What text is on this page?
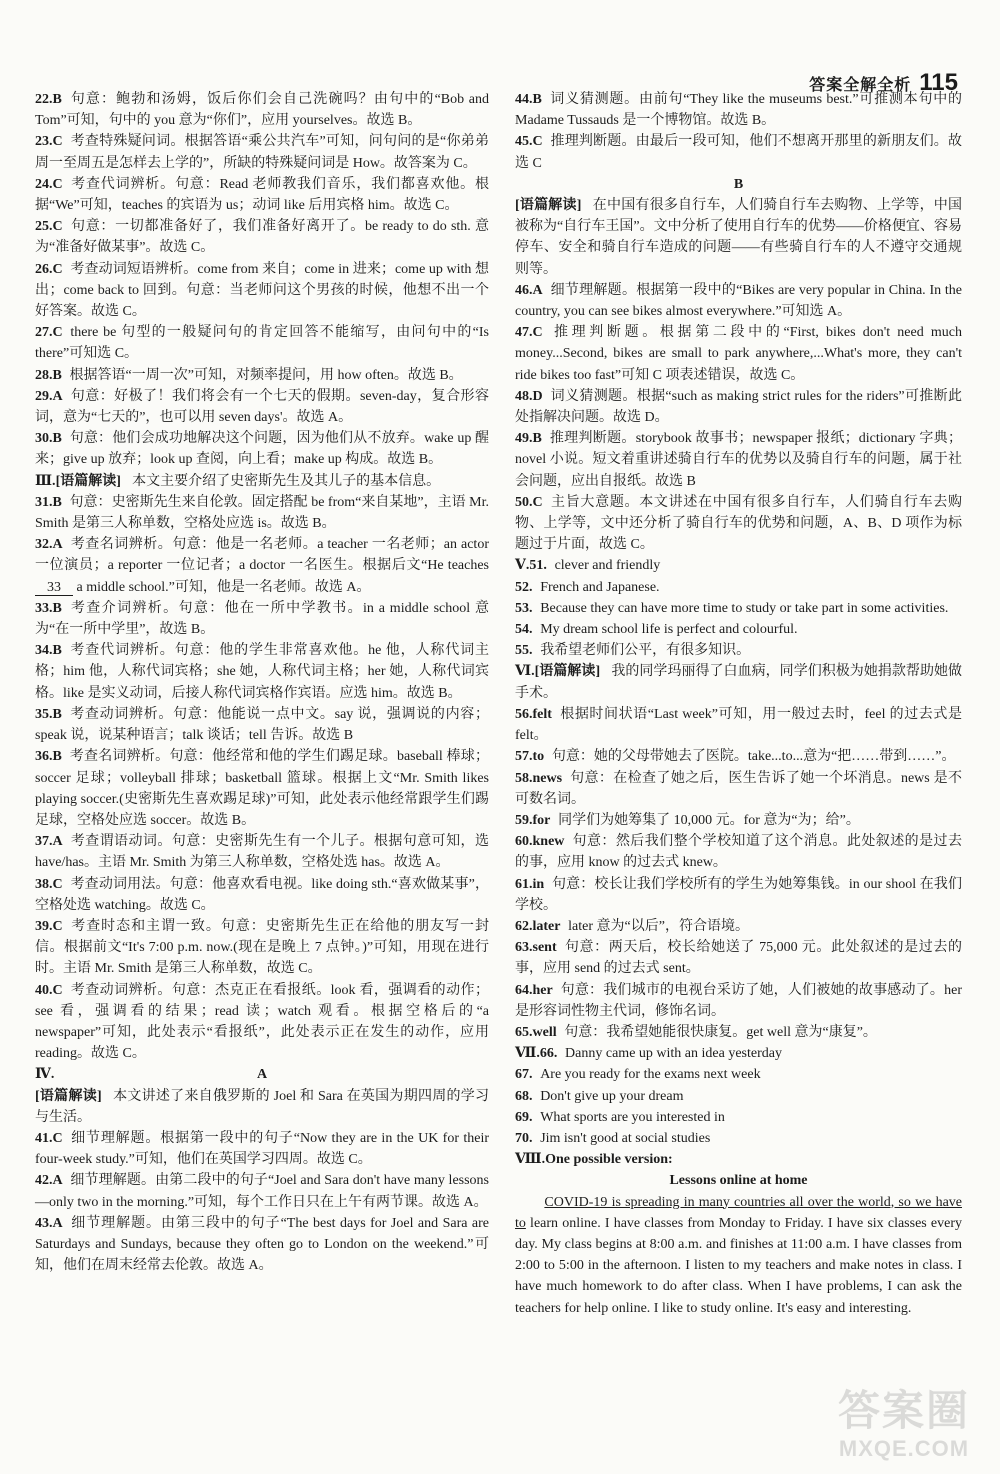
答案全解全析 115
22.B 句意：鲍勃和汤姆，饭后你们会自己洗碗吗？由句中的“Bob and Tom”可知，句中的 you 意为“你们”，应用 yourselves。故选 B。
23.C 考查特殊疑问词。根据答语“乘公共汽车”可知，问句问的是“你弟弟周一至周五是怎样去上学的”，所缺的特殊疑问词是 How。故答案为 C。
24.C 考查代词辨析。句意：Read 老师教我们音乐，我们都喜欢他。根据“We”可知，teaches 的宾语为 us；动词 like 后用宾格 him。故选 C。
25.C 句意：一切都准备好了，我们准备好离开了。be ready to do sth. 意为“准备好做某事”。故选 C。
26.C 考查动词短语辨析。come from 来自；come in 进来；come up with 想出；come back to 回到。句意：当老师问这个男孩的时候，他想不出一个好答案。故选 C。
27.C there be 句型的一般疑问句的肯定回答不能缩写，由问句中的“Is there”可知选 C。
28.B 根据答语“一周一次”可知，对频率提问，用 how often。故选 B。
29.A 句意：好极了！我们将会有一个七天的假期。seven-day，复合形容词，意为“七天的”，也可以用 seven days'。故选 A。
30.B 句意：他们会成功地解决这个问题，因为他们从不放弃。wake up 醒来；give up 放弃；look up 查阅，向上看；make up 构成。故选 B。
Ⅲ.[语篇解读] 本文主要介绍了史密斯先生及其儿子的基本信息。
31.B 句意：史密斯先生来自伦敦。固定搭配 be from“来自某地”，主语 Mr. Smith 是第三人称单数，空格处应选 is。故选 B。
32.A 考查名词辨析。句意：他是一名老师。a teacher 一名老师；an actor 一位演员；a reporter 一位记者；a doctor 一名医生。根据后文“He teaches 33 a middle school.”可知，他是一名老师。故选 A。
33.B 考查介词辨析。句意：他在一所中学教书。in a middle school 意为“在一所中学里”，故选 B。
34.B 考查代词辨析。句意：他的学生非常喜欢他。he 他，人称代词主格；him 他，人称代词宾格；she 她，人称代词主格；her 她，人称代词宾格。like 是实义动词，后接人称代词宾格作宾语。应选 him。故选 B。
35.B 考查动词辨析。句意：他能说一点中文。say 说，强调说的内容；speak 说，说某种语言；talk 谈话；tell 告诉。故选 B
36.B 考查名词辨析。句意：他经常和他的学生们踢足球。baseball 棒球；soccer 足球；volleyball 排球；basketball 篮球。根据上文“Mr. Smith likes playing soccer.(史密斯先生喜欢踢足球)”可知，此处表示他经常跟学生们踢足球，空格处应选 soccer。故选 B。
37.A 考查谓语动词。句意：史密斯先生有一个儿子。根据句意可知，选 have/has。主语 Mr. Smith 为第三人称单数，空格处选 has。故选 A。
38.C 考查动词用法。句意：他喜欢看电视。like doing sth.“喜欢做某事”，空格处选 watching。故选 C。
39.C 考查时态和主谓一致。句意：史密斯先生正在给他的朋友写一封信。根据前文“It's 7:00 p.m. now.(现在是晚上 7 点钟。)”可知，用现在进行时。主语 Mr. Smith 是第三人称单数，故选 C。
40.C 考查动词辨析。句意：杰克正在看报纸。look 看，强调看的动作；see 看，强调看的结果；read 读；watch 观看。根据空格后的“a newspaper”可知，此处表示“看报纸”，此处表示正在发生的动作，应用 reading。故选 C。
Ⅳ.	A
[语篇解读] 本文讲述了来自俄罗斯的 Joel 和 Sara 在英国为期四周的学习与生活。
41.C 细节理解题。根据第一段中的句子“Now they are in the UK for their four-week study.”可知，他们在英国学习四周。故选 C。
42.A 细节理解题。由第二段中的句子“Joel and Sara don't have many lessons—only two in the morning.”可知，每个工作日只在上午有两节课。故选 A。
43.A 细节理解题。由第三段中的句子“The best days for Joel and Sara are Saturdays and Sundays, because they often go to London on the weekend.”可知，他们在周末经常去伦敦。故选 A。
44.B 词义猜测题。由前句“They like the museums best.”可推测本句中的 Madame Tussauds 是一个博物馆。故选 B。
45.C 推理判断题。由最后一段可知，他们不想离开那里的新朋友们。故选 C
B
[语篇解读] 在中国有很多自行车，人们骑自行车去购物、上学等，中国被称为“自行车王国”。文中分析了使用自行车的优势——价格便宜、容易停车、安全和骑自行车造成的问题——有些骑自行车的人不遵守交通规则等。
46.A 细节理解题。根据第一段中的“Bikes are very popular in China. In the country, you can see bikes almost everywhere.”可知选 A。
47.C 推理判断题。根据第二段中的“First, bikes don't need much money...Second, bikes are small to park anywhere,...What's more, they can't ride bikes too fast”可知 C 项表述错误，故选 C。
48.D 词义猜测题。根据“such as making strict rules for the riders”可推断此处指解决问题。故选 D。
49.B 推理判断题。storybook 故事书；newspaper 报纸；dictionary 字典；novel 小说。短文着重讲述骑自行车的优势以及骑自行车的问题，属于社会问题，应出自报纸。故选 B
50.C 主旨大意题。本文讲述在中国有很多自行车，人们骑自行车去购物、上学等，文中还分析了骑自行车的优势和问题，A、B、D 项作为标题过于片面，故选 C。
Ⅴ.51. clever and friendly
52. French and Japanese.
53. Because they can have more time to study or take part in some activities.
54. My dream school life is perfect and colourful.
55. 我希望老师们公平，有很多知识。
Ⅵ.[语篇解读] 我的同学玛丽得了白血病，同学们积极为她捐款帮助她做手术。
56.felt 根据时间状语“Last week”可知，用一般过去时，feel 的过去式是 felt。
57.to 句意：她的父母带她去了医院。take...to...意为“把……带到……”。
58.news 句意：在检查了她之后，医生告诉了她一个坏消息。news 是不可数名词。
59.for 同学们为她筹集了 10,000 元。for 意为“为；给”。
60.knew 句意：然后我们整个学校知道了这个消息。此处叙述的是过去的事，应用 know 的过去式 knew。
61.in 句意：校长让我们学校所有的学生为她筹集钱。in our shool 在我们学校。
62.later later 意为“以后”，符合语境。
63.sent 句意：两天后，校长给她送了 75,000 元。此处叙述的是过去的事，应用 send 的过去式 sent。
64.her 句意：我们城市的电视台采访了她，人们被她的故事感动了。her 是形容词性物主代词，修饰名词。
65.well 句意：我希望她能很快康复。get well 意为“康复”。
Ⅶ.66. Danny came up with an idea yesterday
67. Are you ready for the exams next week
68. Don't give up your dream
69. What sports are you interested in
70. Jim isn't good at social studies
Ⅷ.One possible version:
Lessons online at home
COVID-19 is spreading in many countries all over the world, so we have to learn online. I have classes from Monday to Friday. I have six classes every day. My class begins at 8:00 a.m. and finishes at 11:00 a.m. I have classes from 2:00 to 5:00 in the afternoon. I listen to my teachers and make notes in class. I have much homework to do after class. When I have problems, I can ask the teachers for help online. I like to study online. It's easy and interesting.
答案圈
MXQE.COM
